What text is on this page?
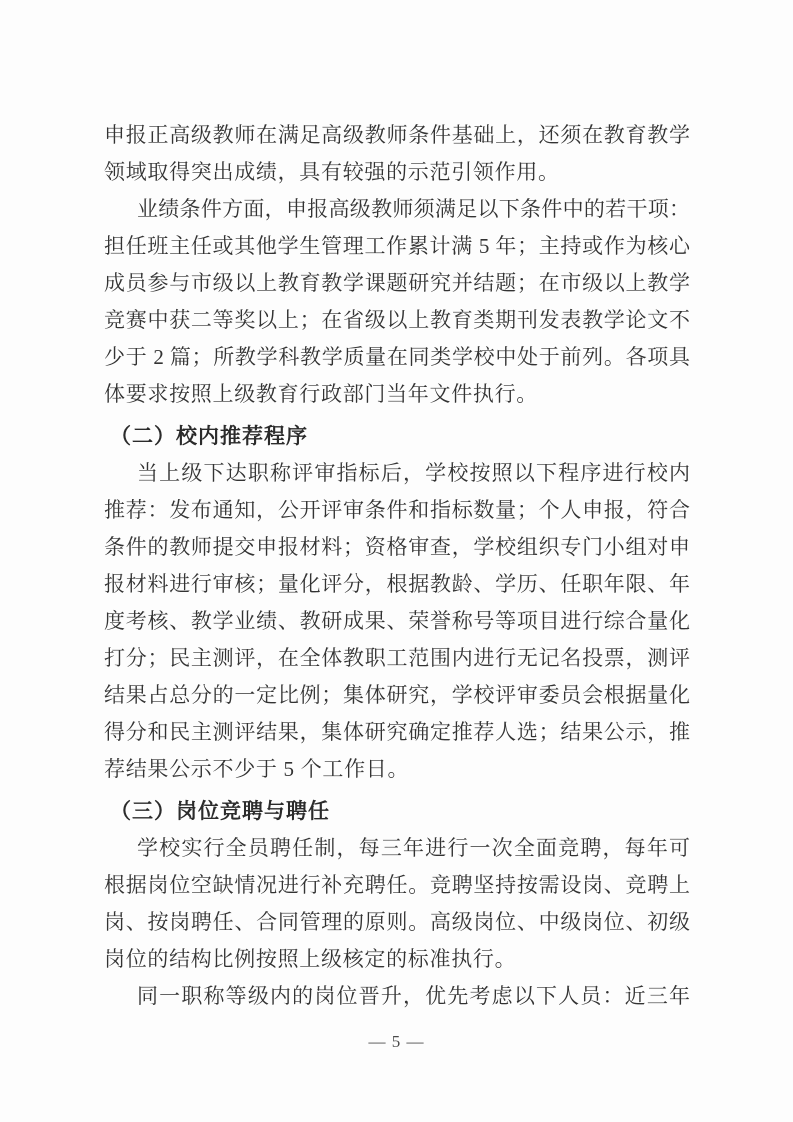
申报正高级教师在满足高级教师条件基础上，还须在教育教学
领域取得突出成绩，具有较强的示范引领作用。
业绩条件方面，申报高级教师须满足以下条件中的若干项：
担任班主任或其他学生管理工作累计满 5 年；主持或作为核心
成员参与市级以上教育教学课题研究并结题；在市级以上教学
竞赛中获二等奖以上；在省级以上教育类期刊发表教学论文不
少于 2 篇；所教学科教学质量在同类学校中处于前列。各项具
体要求按照上级教育行政部门当年文件执行。
（二）校内推荐程序
当上级下达职称评审指标后，学校按照以下程序进行校内
推荐：发布通知，公开评审条件和指标数量；个人申报，符合
条件的教师提交申报材料；资格审查，学校组织专门小组对申
报材料进行审核；量化评分，根据教龄、学历、任职年限、年
度考核、教学业绩、教研成果、荣誉称号等项目进行综合量化
打分；民主测评，在全体教职工范围内进行无记名投票，测评
结果占总分的一定比例；集体研究，学校评审委员会根据量化
得分和民主测评结果，集体研究确定推荐人选；结果公示，推
荐结果公示不少于 5 个工作日。
（三）岗位竞聘与聘任
学校实行全员聘任制，每三年进行一次全面竞聘，每年可
根据岗位空缺情况进行补充聘任。竞聘坚持按需设岗、竞聘上
岗、按岗聘任、合同管理的原则。高级岗位、中级岗位、初级
岗位的结构比例按照上级核定的标准执行。
同一职称等级内的岗位晋升，优先考虑以下人员：近三年
— 5 —
